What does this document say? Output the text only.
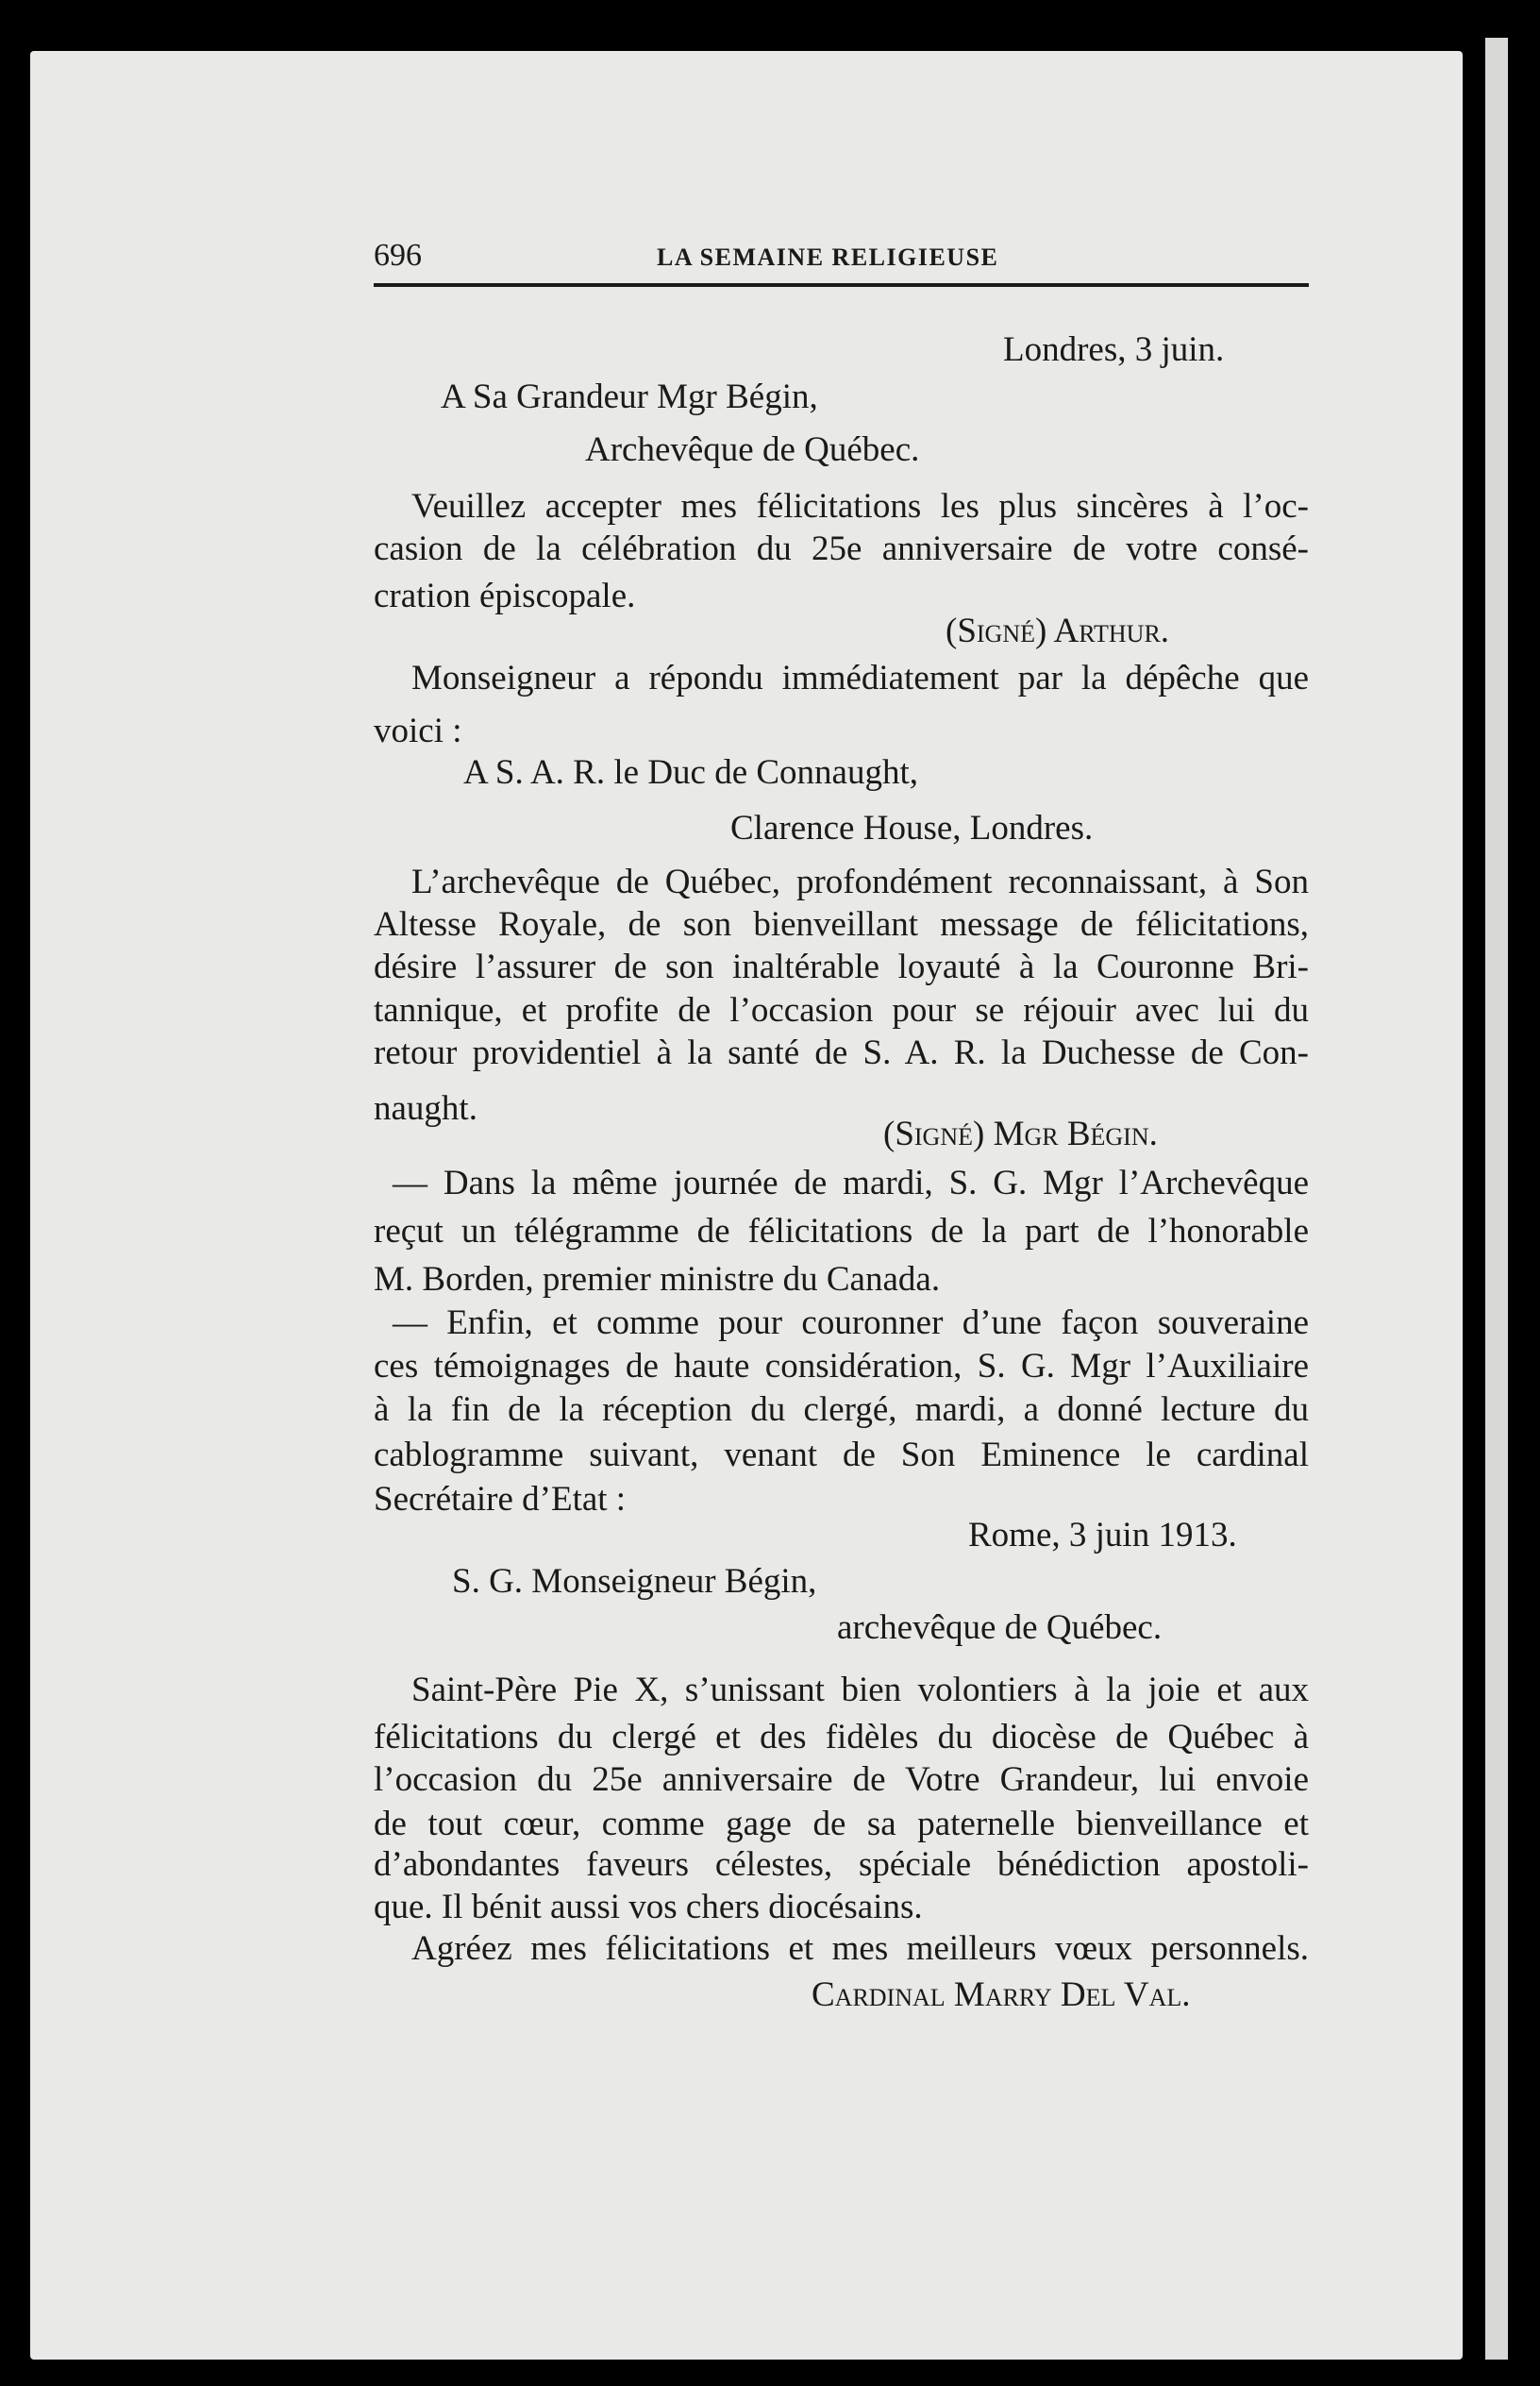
696	LA SEMAINE RELIGIEUSE
Londres, 3 juin.
A Sa Grandeur Mgr Bégin,
Archevêque de Québec.
Veuillez accepter mes félicitations les plus sincères à l’oc-
casion de la célébration du 25e anniversaire de votre consé-
cration épiscopale.
(Signé) Arthur.
Monseigneur a répondu immédiatement par la dépêche que
voici :
A S. A. R. le Duc de Connaught,
Clarence House, Londres.
L’archevêque de Québec, profondément reconnaissant, à Son
Altesse Royale, de son bienveillant message de félicitations,
désire l’assurer de son inaltérable loyauté à la Couronne Bri-
tannique, et profite de l’occasion pour se réjouir avec lui du
retour providentiel à la santé de S. A. R. la Duchesse de Con-
naught.
(Signé) Mgr Bégin.
— Dans la même journée de mardi, S. G. Mgr l’Archevêque
reçut un télégramme de félicitations de la part de l’honorable
M. Borden, premier ministre du Canada.
— Enfin, et comme pour couronner d’une façon souveraine
ces témoignages de haute considération, S. G. Mgr l’Auxiliaire
à la fin de la réception du clergé, mardi, a donné lecture du
cablogramme suivant, venant de Son Eminence le cardinal
Secrétaire d’Etat :
Rome, 3 juin 1913.
S. G. Monseigneur Bégin,
archevêque de Québec.
Saint-Père Pie X, s’unissant bien volontiers à la joie et aux
félicitations du clergé et des fidèles du diocèse de Québec à
l’occasion du 25e anniversaire de Votre Grandeur, lui envoie
de tout cœur, comme gage de sa paternelle bienveillance et
d’abondantes faveurs célestes, spéciale bénédiction apostoli-
que. Il bénit aussi vos chers diocésains.
Agréez mes félicitations et mes meilleurs vœux personnels.
Cardinal Marry Del Val.
